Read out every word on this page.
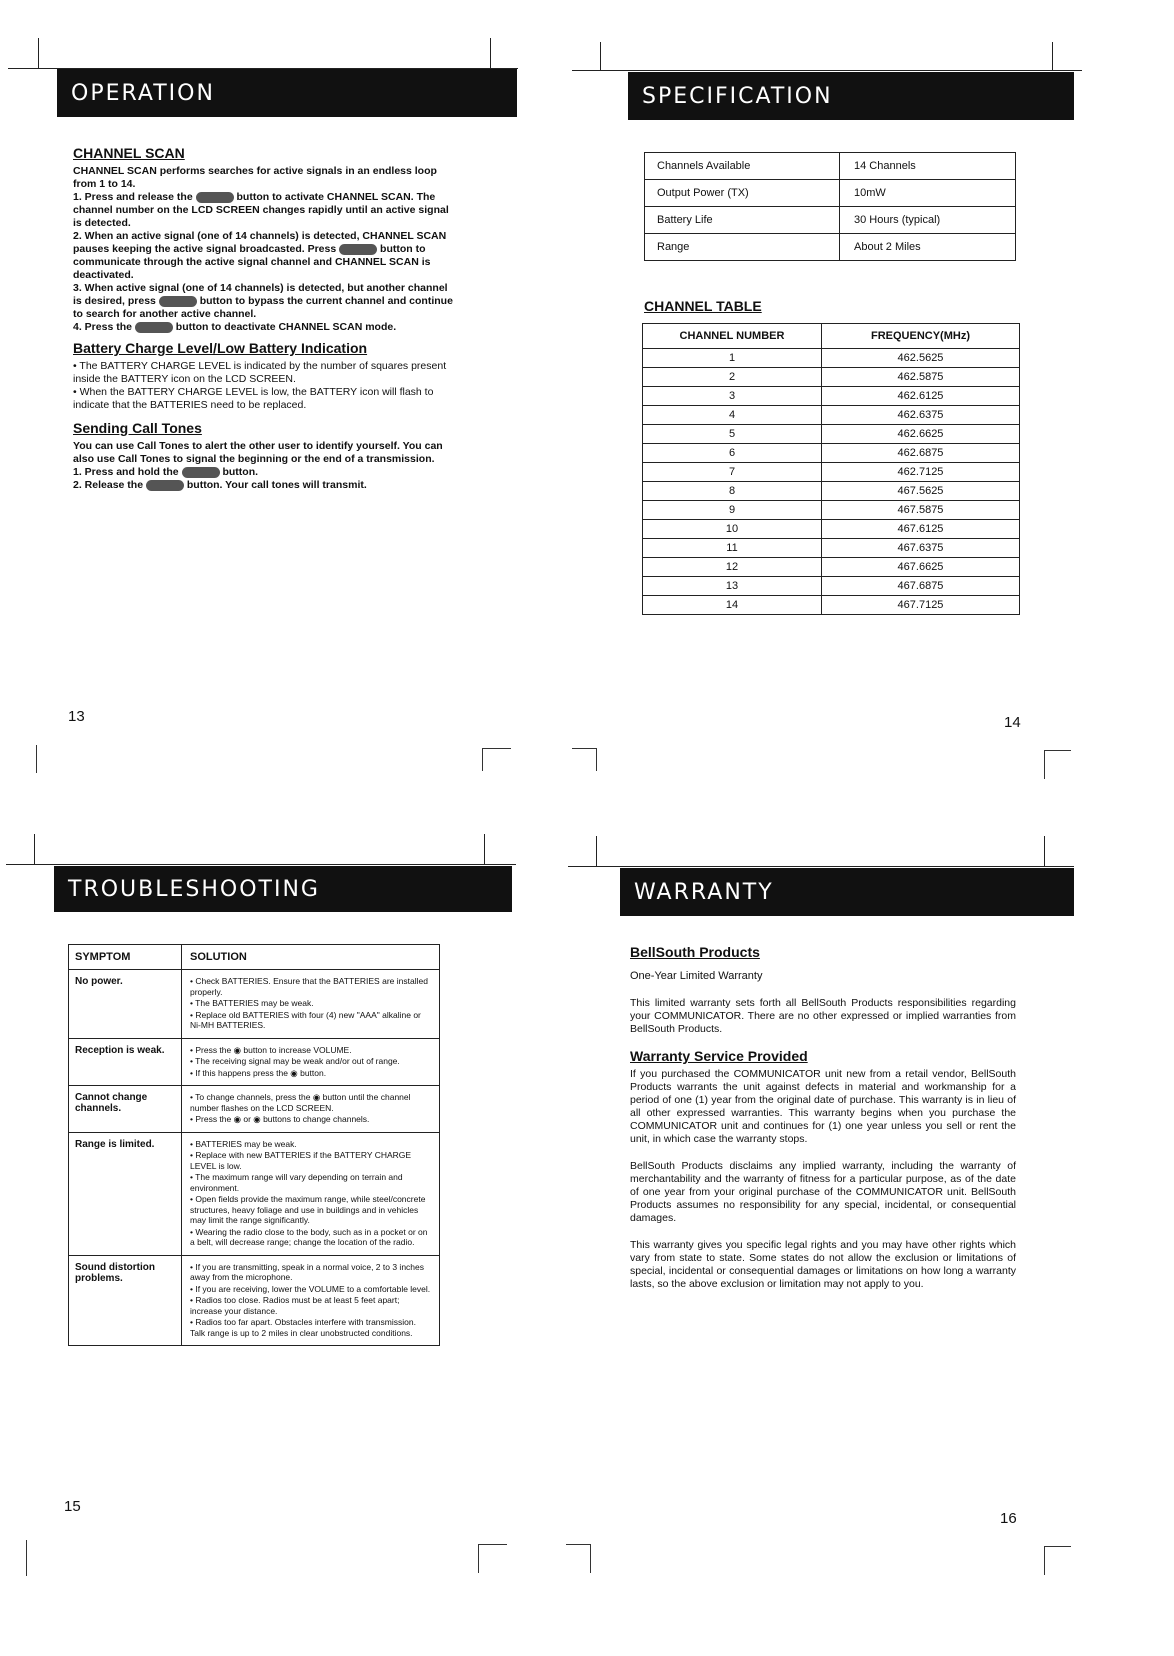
OPERATION

CHANNEL SCAN

CHANNEL SCAN performs searches for active signals in an endless loop from 1 to 14.

1. Press and release the	button to activate CHANNEL SCAN. The channel number on the LCD SCREEN changes rapidly until an active signal is detected.

2. When an active signal (one of 14 channels) is detected, CHANNEL SCAN pauses keeping the active signal broadcasted. Press	button to communicate through the active signal channel and CHANNEL SCAN is deactivated.

3. When active signal (one of 14 channels) is detected, but another channel is desired, press	button to bypass the current channel and continue to search for another active channel.

4. Press the	button to deactivate CHANNEL SCAN mode.

Battery Charge Level/Low Battery Indication

• The BATTERY CHARGE LEVEL is indicated by the number of squares present inside the BATTERY icon on the LCD SCREEN.

• When the BATTERY CHARGE LEVEL is low, the BATTERY icon will flash to indicate that the BATTERIES need to be replaced.

Sending Call Tones

You can use Call Tones to alert the other user to identify yourself. You can also use Call Tones to signal the beginning or the end of a transmission.

1. Press and hold the	button.

2. Release the	button. Your call tones will transmit.

13
SPECIFICATION
Channels Available	14 Channels
Output Power (TX)	10mW
Battery Life	30 Hours (typical)
Range	About 2 Miles
CHANNEL TABLE
CHANNEL NUMBER	FREQUENCY(MHz)
1	462.5625
2	462.5875
3	462.6125
4	462.6375
5	462.6625
6	462.6875
7	462.7125
8	467.5625
9	467.5875
10	467.6125
11	467.6375
12	467.6625
13	467.6875
14	467.7125
14
TROUBLESHOOTING
SYMPTOM	SOLUTION
No power.	• Check BATTERIES. Ensure that the BATTERIES are installed properly.
• The BATTERIES may be weak.
• Replace old BATTERIES with four (4) new "AAA" alkaline or Ni-MH BATTERIES.

Reception is weak.	• Press the ◉ button to increase VOLUME.
• The receiving signal may be weak and/or out of range.
• If this happens press the ◉ button.

Cannot change channels.	• To change channels, press the ◉ button until the channel number flashes on the LCD SCREEN.
• Press the ◉ or ◉ buttons to change channels.

Range is limited.	• BATTERIES may be weak.
• Replace with new BATTERIES if the BATTERY CHARGE LEVEL is low.
• The maximum range will vary depending on terrain and environment.
• Open fields provide the maximum range, while steel/concrete structures, heavy foliage and use in buildings and in vehicles may limit the range significantly.
• Wearing the radio close to the body, such as in a pocket or on a belt, will decrease range; change the location of the radio.

Sound distortion problems.	• If you are transmitting, speak in a normal voice, 2 to 3 inches away from the microphone.
• If you are receiving, lower the VOLUME to a comfortable level.
• Radios too close. Radios must be at least 5 feet apart; increase your distance.
• Radios too far apart. Obstacles interfere with transmission. Talk range is up to 2 miles in clear unobstructed conditions.
15
WARRANTY

BellSouth Products

One-Year Limited Warranty

This limited warranty sets forth all BellSouth Products responsibilities regarding your COMMUNICATOR. There are no other expressed or implied warranties from BellSouth Products.

Warranty Service Provided

If you purchased the COMMUNICATOR unit new from a retail vendor, BellSouth Products warrants the unit against defects in material and workmanship for a period of one (1) year from the original date of purchase. This warranty is in lieu of all other expressed warranties. This warranty begins when you purchase the COMMUNICATOR unit and continues for (1) one year unless you sell or rent the unit, in which case the warranty stops.

BellSouth Products disclaims any implied warranty, including the warranty of merchantability and the warranty of fitness for a particular purpose, as of the date of one year from your original purchase of the COMMUNICATOR unit. BellSouth Products assumes no responsibility for any special, incidental, or consequential damages.

This warranty gives you specific legal rights and you may have other rights which vary from state to state. Some states do not allow the exclusion or limitations of special, incidental or consequential damages or limitations on how long a warranty lasts, so the above exclusion or limitation may not apply to you.

16
